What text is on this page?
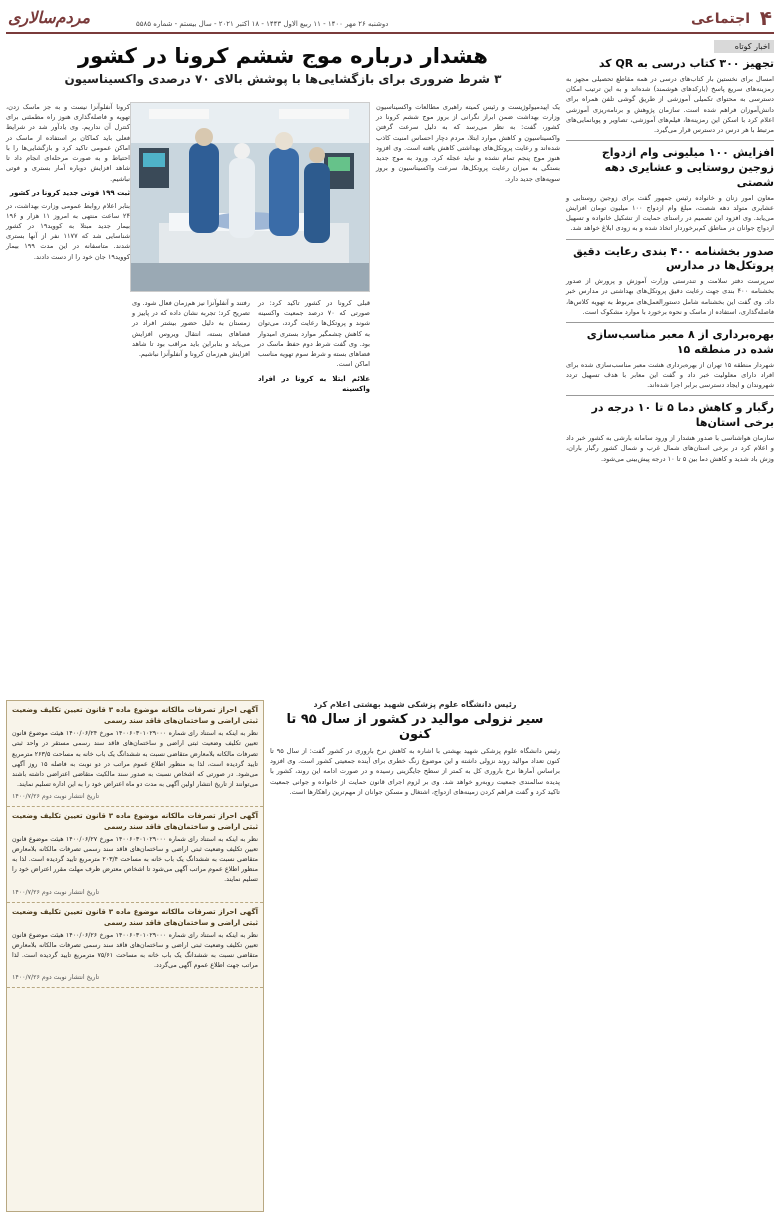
۴
اجتماعی
دوشنبه ۲۶ مهر ۱۴۰۰ - ۱۱ ربیع الاول ۱۴۴۳ - ۱۸ اکتبر ۲۰۲۱ - سال بیستم - شماره ۵۵۸۵
مردم‌سالاری
اخبار کوتاه
تجهیز ۳۰۰ کتاب درسی به QR کد
امسال برای نخستین بار کتاب‌های درسی در همه مقاطع تحصیلی مجهز به رمزینه‌های سریع پاسخ (بارکدهای هوشمند) شده‌اند و به این ترتیب امکان دسترسی به محتوای تکمیلی آموزشی از طریق گوشی تلفن همراه برای دانش‌آموزان فراهم شده است. سازمان پژوهش و برنامه‌ریزی آموزشی اعلام کرد با اسکن این رمزینه‌ها، فیلم‌های آموزشی، تصاویر و پویانمایی‌های مرتبط با هر درس در دسترس قرار می‌گیرد.
افزایش ۱۰۰ میلیونی وام ازدواج زوجین روستایی و عشایری دهه شصتی
معاون امور زنان و خانواده رئیس جمهور گفت برای زوجین روستایی و عشایری متولد دهه شصت، مبلغ وام ازدواج ۱۰۰ میلیون تومان افزایش می‌یابد. وی افزود این تصمیم در راستای حمایت از تشکیل خانواده و تسهیل ازدواج جوانان در مناطق کم‌برخوردار اتخاذ شده و به زودی ابلاغ خواهد شد.
صدور بخشنامه ۴۰۰ بندی رعایت دقیق پروتکل‌ها در مدارس
سرپرست دفتر سلامت و تندرستی وزارت آموزش و پرورش از صدور بخشنامه ۴۰۰ بندی جهت رعایت دقیق پروتکل‌های بهداشتی در مدارس خبر داد. وی گفت این بخشنامه شامل دستورالعمل‌های مربوط به تهویه کلاس‌ها، فاصله‌گذاری، استفاده از ماسک و نحوه برخورد با موارد مشکوک است.
بهره‌برداری از ۸ معبر مناسب‌سازی شده در منطقه ۱۵
شهردار منطقه ۱۵ تهران از بهره‌برداری هشت معبر مناسب‌سازی شده برای افراد دارای معلولیت خبر داد و گفت این معابر با هدف تسهیل تردد شهروندان و ایجاد دسترسی برابر اجرا شده‌اند.
رگبار و کاهش دما ۵ تا ۱۰ درجه در برخی استان‌ها
سازمان هواشناسی با صدور هشدار از ورود سامانه بارشی به کشور خبر داد و اعلام کرد در برخی استان‌های شمال غرب و شمال کشور رگبار باران، وزش باد شدید و کاهش دما بین ۵ تا ۱۰ درجه پیش‌بینی می‌شود.
هشدار درباره موج ششم کرونا در کشور
۳ شرط ضروری برای بازگشایی‌ها با پوشش بالای ۷۰ درصدی واکسیناسیون
یک اپیدمیولوژیست و رئیس کمیته راهبری مطالعات واکسیناسیون وزارت بهداشت ضمن ابراز نگرانی از بروز موج ششم کرونا در کشور، گفت: به نظر می‌رسد که به دلیل سرعت گرفتن واکسیناسیون و کاهش موارد ابتلا، مردم دچار احساس امنیت کاذب شده‌اند و رعایت پروتکل‌های بهداشتی کاهش یافته است. وی افزود هنوز موج پنجم تمام نشده و نباید عجله کرد. ورود به موج جدید بستگی به میزان رعایت پروتکل‌ها، سرعت واکسیناسیون و بروز سویه‌های جدید دارد.
کرونا آنفلوآنزا نیست و به جز ماسک زدن، تهویه و فاصله‌گذاری هنوز راه مطمئنی برای کنترل آن نداریم. وی یادآور شد در شرایط فعلی باید کماکان بر استفاده از ماسک در اماکن عمومی تاکید کرد و بازگشایی‌ها را با احتیاط و به صورت مرحله‌ای انجام داد تا شاهد افزایش دوباره آمار بستری و فوتی نباشیم.
ثبت ۱۹۹ فوتی جدید کرونا در کشور
بنابر اعلام روابط عمومی وزارت بهداشت، در ۲۴ ساعت منتهی به امروز ۱۱ هزار و ۱۹۶ بیمار جدید مبتلا به کووید۱۹ در کشور شناسایی شد که ۱۱۷۷ نفر از آنها بستری شدند. متاسفانه در این مدت ۱۹۹ بیمار کووید۱۹ جان خود را از دست دادند.
قبلی کرونا در کشور تاکید کرد: در صورتی که ۷۰ درصد جمعیت واکسینه شوند و پروتکل‌ها رعایت گردد، می‌توان به کاهش چشمگیر موارد بستری امیدوار بود. وی گفت شرط دوم حفظ ماسک در فضاهای بسته و شرط سوم تهویه مناسب اماکن است.
علائم ابتلا به کرونا در افراد واکسینه
رفتند و آنفلوآنزا نیز هم‌زمان فعال شود. وی تصریح کرد: تجربه نشان داده که در پاییز و زمستان به دلیل حضور بیشتر افراد در فضاهای بسته، انتقال ویروس افزایش می‌یابد و بنابراین باید مراقب بود تا شاهد افزایش هم‌زمان کرونا و آنفلوآنزا نباشیم.
رئیس دانشگاه علوم پزشکی شهید بهشتی اعلام کرد
سیر نزولی مواليد در کشور از سال ۹۵ تا کنون
رئیس دانشگاه علوم پزشکی شهید بهشتی با اشاره به کاهش نرخ باروری در کشور گفت: از سال ۹۵ تا کنون تعداد مواليد روند نزولی داشته و این موضوع زنگ خطری برای آینده جمعیتی کشور است. وی افزود براساس آمارها نرخ باروری کل به کمتر از سطح جایگزینی رسیده و در صورت ادامه این روند، کشور با پدیده سالمندی جمعیت روبه‌رو خواهد شد. وی بر لزوم اجرای قانون حمایت از خانواده و جوانی جمعیت تاکید کرد و گفت فراهم کردن زمینه‌های ازدواج، اشتغال و مسکن جوانان از مهم‌ترین راهکارها است.
آگهی احراز تصرفات مالکانه موضوع ماده ۳ قانون تعیین تکلیف وضعیت ثبتی اراضی و ساختمان‌های فاقد سند رسمی
نظر به اینکه به استناد رای شماره ۱۴۰۰۶۰۳۰۱۰۲۹۰۰۰ مورخ ۱۴۰۰/۰۶/۲۴ هیئت موضوع قانون تعیین تکلیف وضعیت ثبتی اراضی و ساختمان‌های فاقد سند رسمی مستقر در واحد ثبتی تصرفات مالکانه بلامعارض متقاضی نسبت به ششدانگ یک باب خانه به مساحت ۲۶۳/۵ مترمربع تایید گردیده است، لذا به منظور اطلاع عموم مراتب در دو نوبت به فاصله ۱۵ روز آگهی می‌شود. در صورتی که اشخاص نسبت به صدور سند مالکیت متقاضی اعتراضی داشته باشند می‌توانند از تاریخ انتشار اولین آگهی به مدت دو ماه اعتراض خود را به این اداره تسلیم نمایند.
تاریخ انتشار نوبت دوم ۱۴۰۰/۷/۲۶
آگهی احراز تصرفات مالکانه موضوع ماده ۳ قانون تعیین تکلیف وضعیت ثبتی اراضی و ساختمان‌های فاقد سند رسمی
نظر به اینکه به استناد رای شماره ۱۴۰۰۶۰۳۰۱۰۲۹۰۰۰ مورخ ۱۴۰۰/۰۶/۲۷ هیئت موضوع قانون تعیین تکلیف وضعیت ثبتی اراضی و ساختمان‌های فاقد سند رسمی تصرفات مالکانه بلامعارض متقاضی نسبت به ششدانگ یک باب خانه به مساحت ۲۰۳/۴ مترمربع تایید گردیده است. لذا به منظور اطلاع عموم مراتب آگهی می‌شود تا اشخاص معترض ظرف مهلت مقرر اعتراض خود را تسلیم نمایند.
تاریخ انتشار نوبت دوم ۱۴۰۰/۷/۲۶
آگهی احراز تصرفات مالکانه موضوع ماده ۳ قانون تعیین تکلیف وضعیت ثبتی اراضی و ساختمان‌های فاقد سند رسمی
نظر به اینکه به استناد رای شماره ۱۴۰۰۶۰۳۰۱۰۲۹۰۰۰ مورخ ۱۴۰۰/۰۶/۲۶ هیئت موضوع قانون تعیین تکلیف وضعیت ثبتی اراضی و ساختمان‌های فاقد سند رسمی تصرفات مالکانه بلامعارض متقاضی نسبت به ششدانگ یک باب خانه به مساحت ۷۵/۶۱ مترمربع تایید گردیده است. لذا مراتب جهت اطلاع عموم آگهی می‌گردد.
تاریخ انتشار نوبت دوم ۱۴۰۰/۷/۲۶
